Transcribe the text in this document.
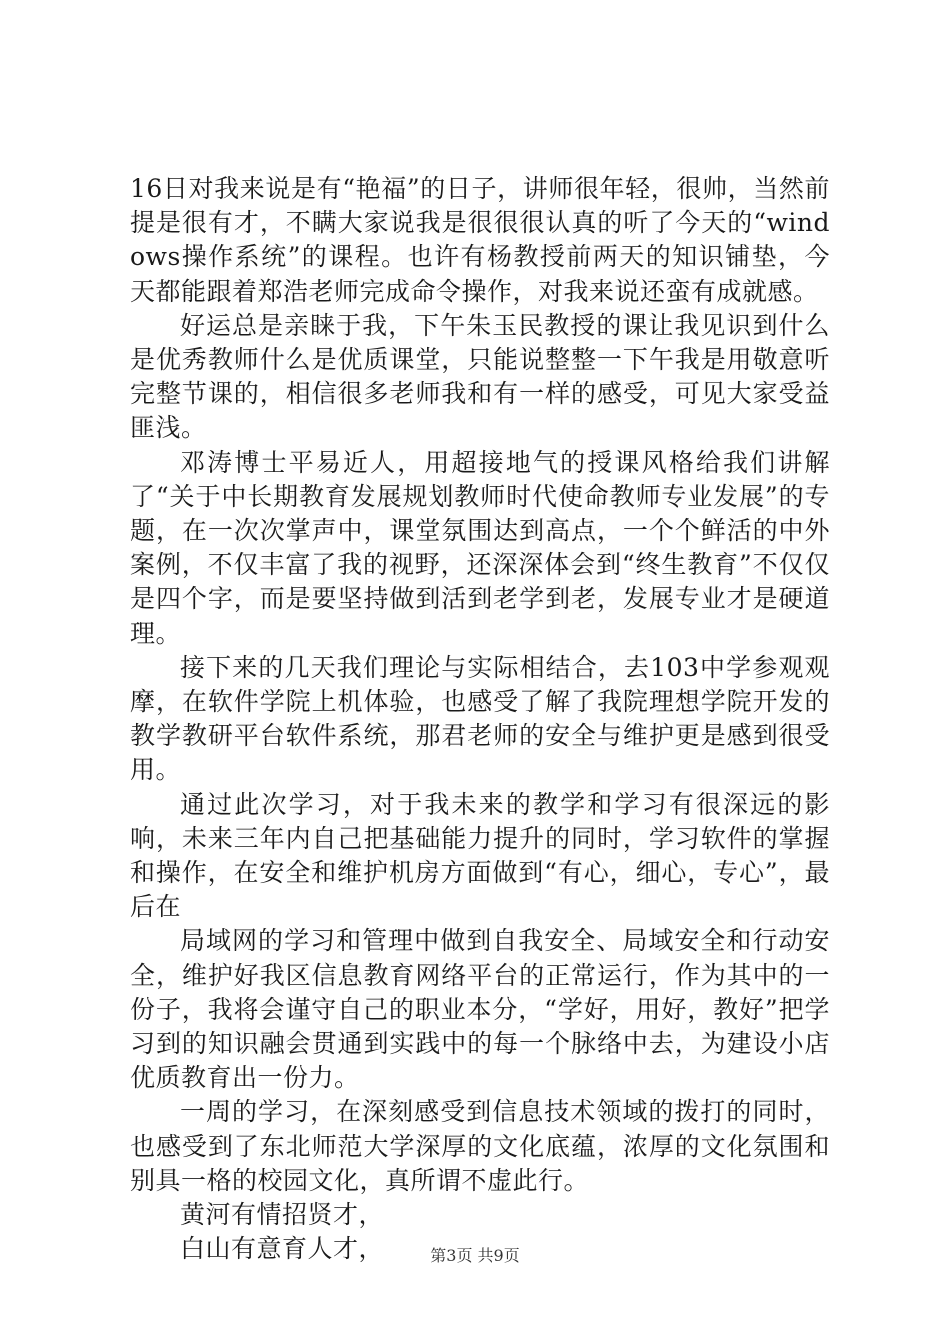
16日对我来说是有“艳福”的日子，讲师很年轻，很帅，当然前提是很有才，不瞒大家说我是很很很认真的听了今天的“windows操作系统”的课程。也许有杨教授前两天的知识铺垫，今天都能跟着郑浩老师完成命令操作，对我来说还蛮有成就感。

好运总是亲睐于我，下午朱玉民教授的课让我见识到什么是优秀教师什么是优质课堂，只能说整整一下午我是用敬意听完整节课的，相信很多老师我和有一样的感受，可见大家受益匪浅。

邓涛博士平易近人，用超接地气的授课风格给我们讲解了“关于中长期教育发展规划教师时代使命教师专业发展”的专题，在一次次掌声中，课堂氛围达到高点，一个个鲜活的中外案例，不仅丰富了我的视野，还深深体会到“终生教育”不仅仅是四个字，而是要坚持做到活到老学到老，发展专业才是硬道理。

接下来的几天我们理论与实际相结合，去103中学参观观摩，在软件学院上机体验，也感受了解了我院理想学院开发的教学教研平台软件系统，那君老师的安全与维护更是感到很受用。

通过此次学习，对于我未来的教学和学习有很深远的影响，未来三年内自己把基础能力提升的同时，学习软件的掌握和操作，在安全和维护机房方面做到“有心，细心，专心”，最后在

局域网的学习和管理中做到自我安全、局域安全和行动安全，维护好我区信息教育网络平台的正常运行，作为其中的一份子，我将会谨守自己的职业本分，“学好，用好，教好”把学习到的知识融会贯通到实践中的每一个脉络中去，为建设小店优质教育出一份力。

一周的学习，在深刻感受到信息技术领域的拨打的同时，也感受到了东北师范大学深厚的文化底蕴，浓厚的文化氛围和别具一格的校园文化，真所谓不虚此行。

黄河有情招贤才，

白山有意育人才，	第3页 共9页
